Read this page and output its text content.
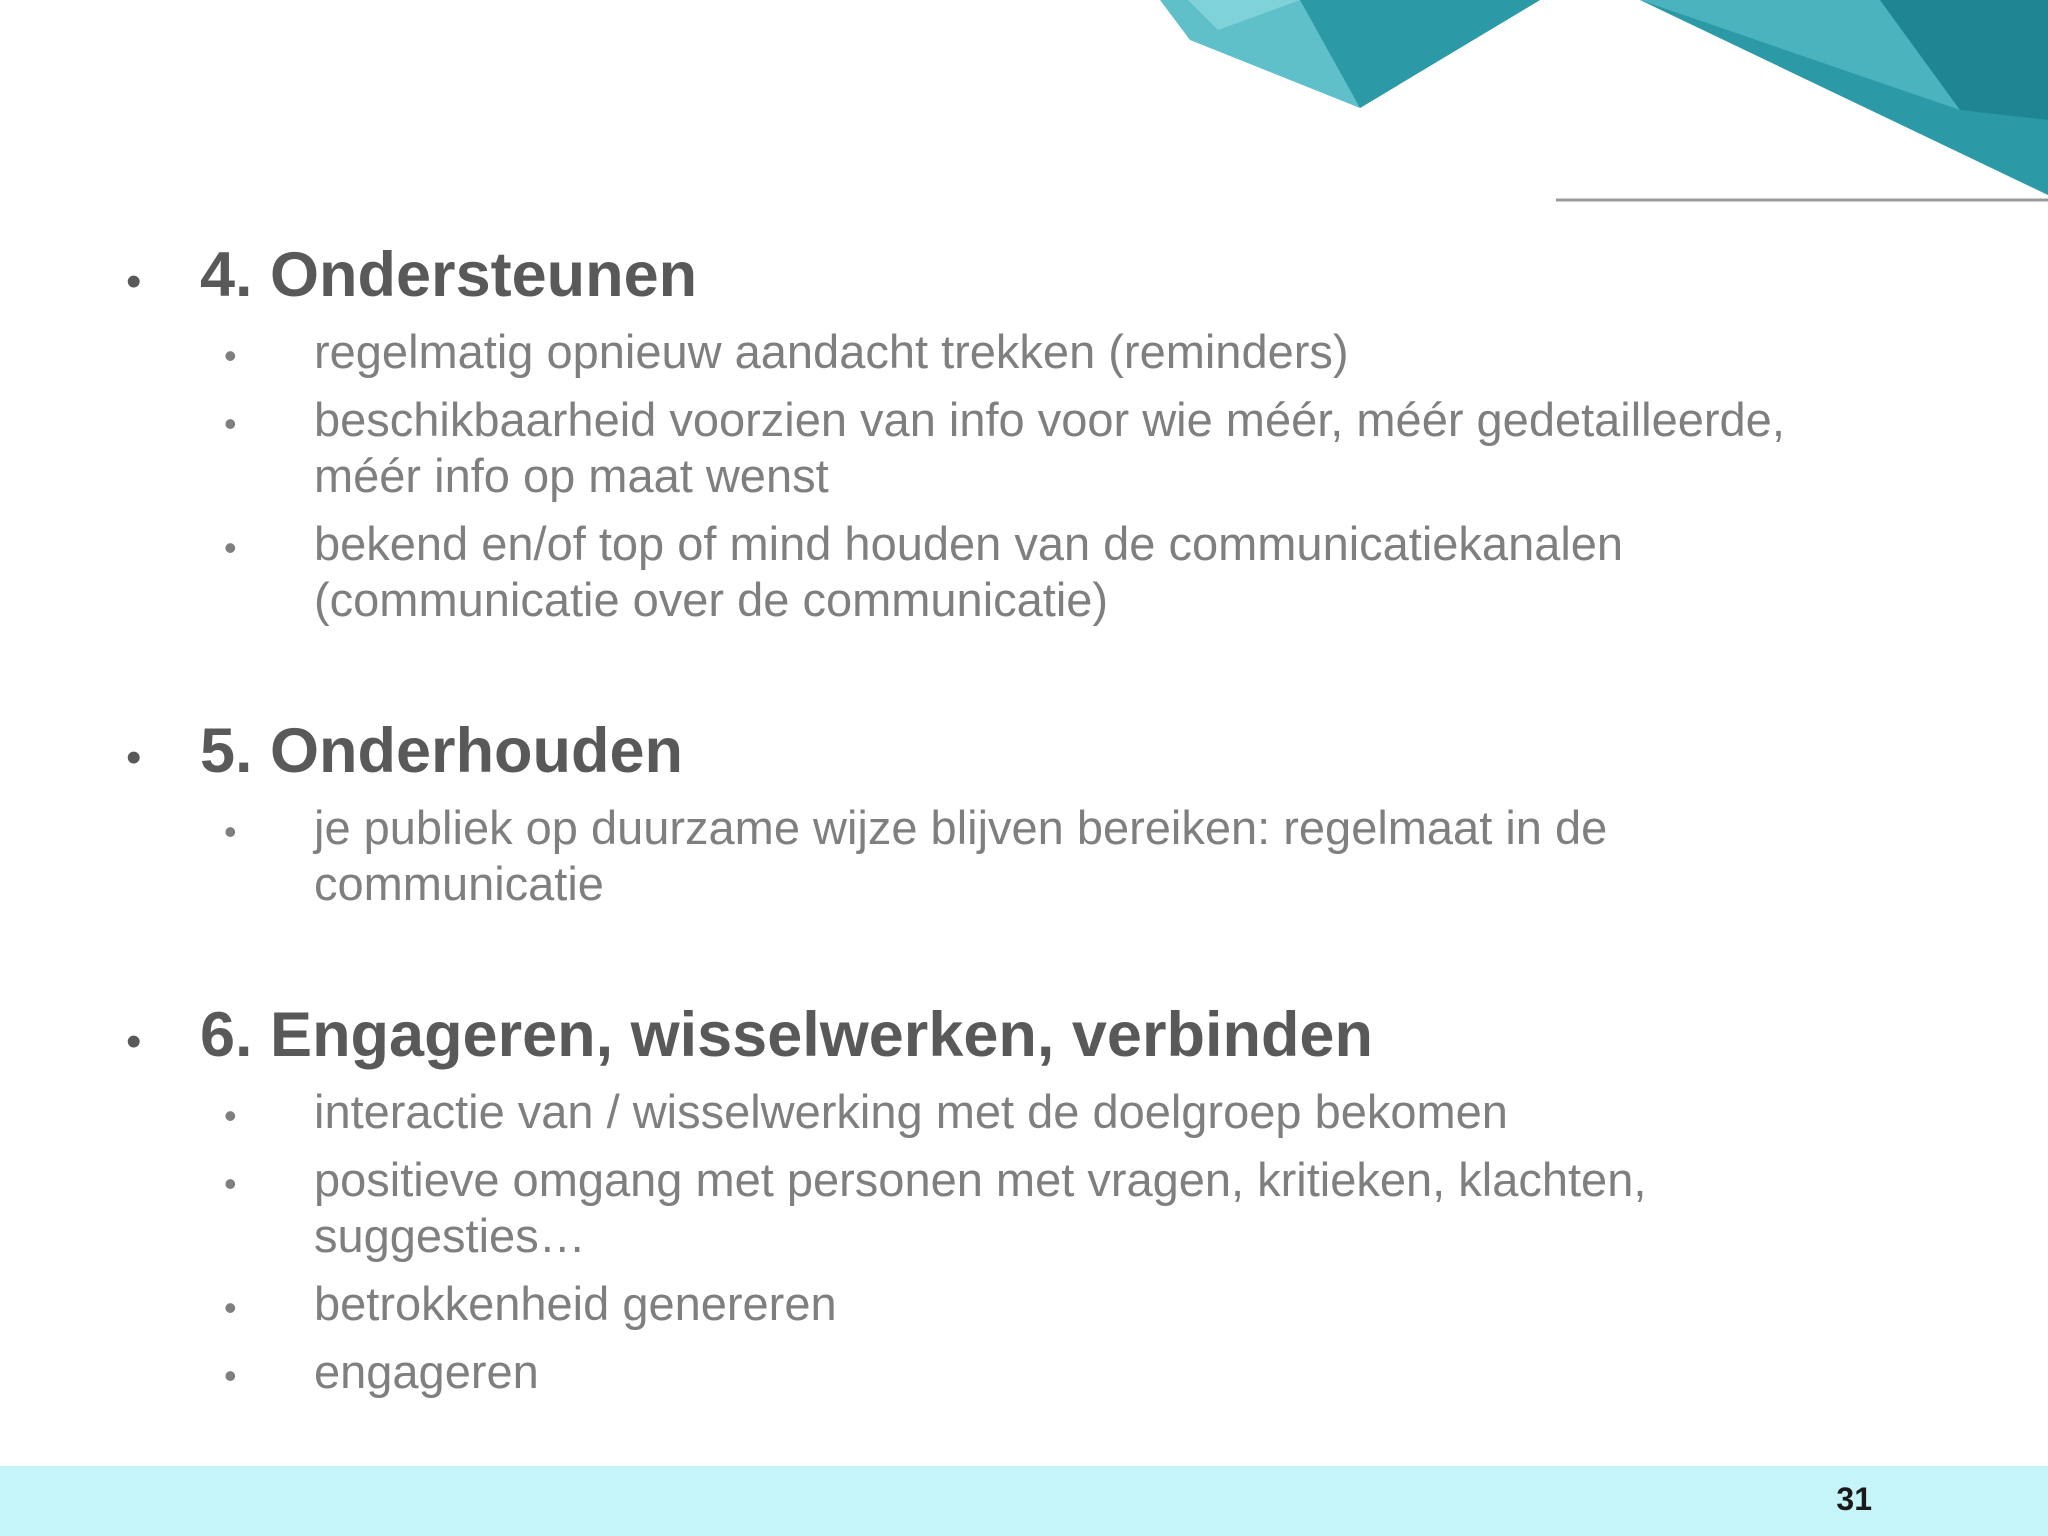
• 4. Ondersteunen
•	regelmatig opnieuw aandacht trekken (reminders)
•	beschikbaarheid voorzien van info voor wie méér, méér gedetailleerde,
méér info op maat wenst
•	bekend en/of top of mind houden van de communicatiekanalen
(communicatie over de communicatie)
• 5. Onderhouden
•	je publiek op duurzame wijze blijven bereiken: regelmaat in de
communicatie
• 6. Engageren, wisselwerken, verbinden
•	interactie van / wisselwerking met de doelgroep bekomen
•	positieve omgang met personen met vragen, kritieken, klachten,
suggesties…
•	betrokkenheid genereren
•	engageren
31
